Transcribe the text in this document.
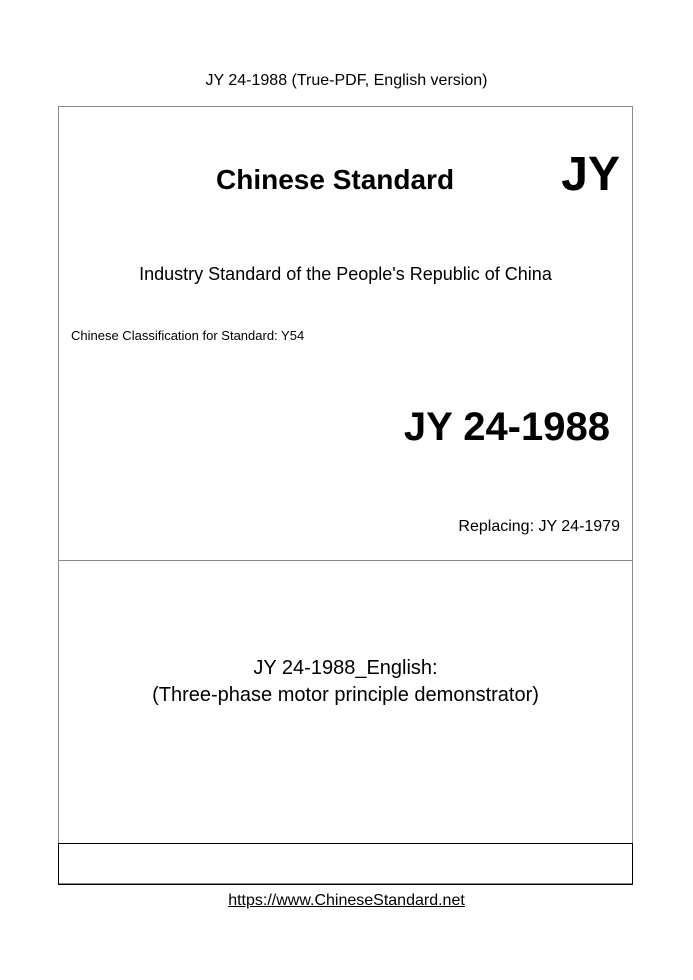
JY 24-1988 (True-PDF, English version)
Chinese Standard JY
Industry Standard of the People's Republic of China
Chinese Classification for Standard: Y54
JY 24-1988
Replacing: JY 24-1979
JY 24-1988_English:
(Three-phase motor principle demonstrator)
https://www.ChineseStandard.net
